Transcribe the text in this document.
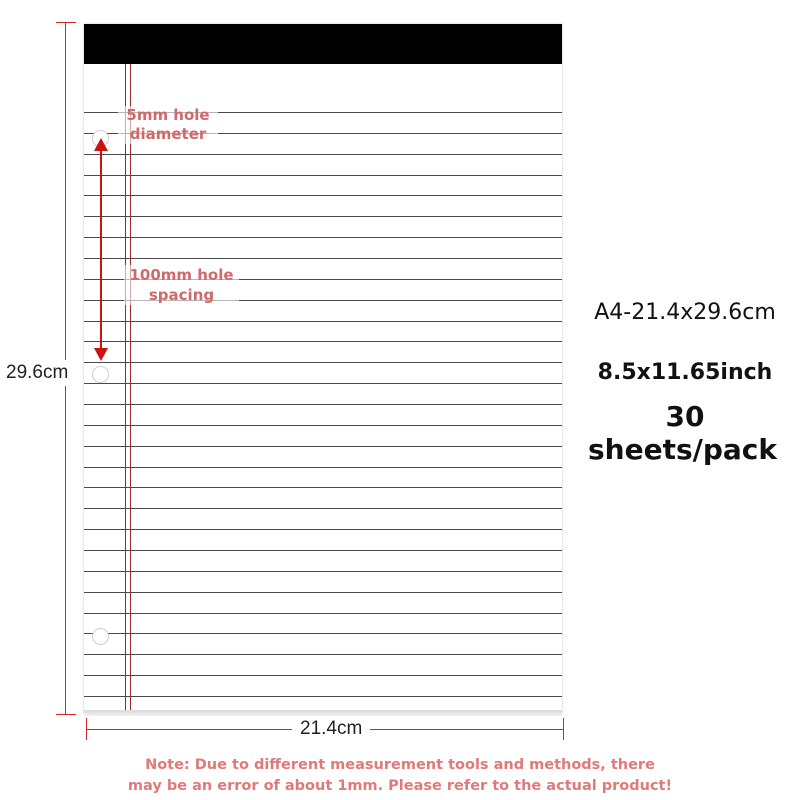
29.6cm
5mm hole
diameter
100mm hole
spacing
21.4cm
A4-21.4x29.6cm
8.5x11.65inch
30
sheets/pack
Note: Due to different measurement tools and methods, there
may be an error of about 1mm. Please refer to the actual product!
